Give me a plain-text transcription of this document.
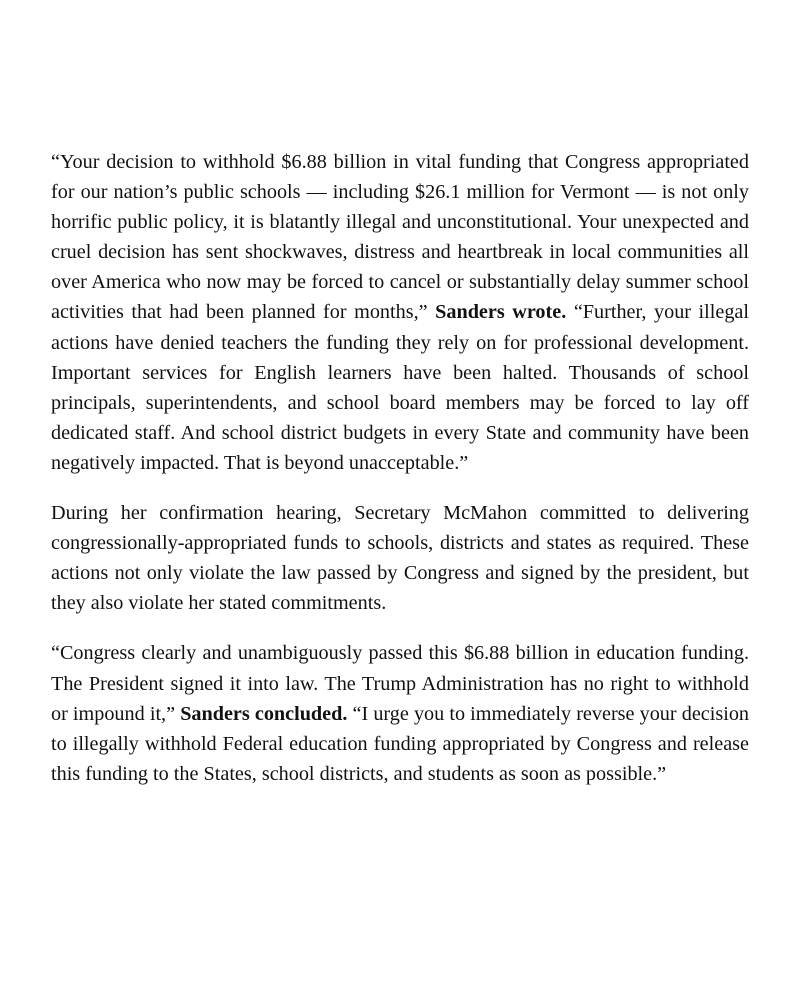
“Your decision to withhold $6.88 billion in vital funding that Congress appropriated for our nation’s public schools — including $26.1 million for Vermont — is not only horrific public policy, it is blatantly illegal and unconstitutional. Your unexpected and cruel decision has sent shockwaves, distress and heartbreak in local communities all over America who now may be forced to cancel or substantially delay summer school activities that had been planned for months,” Sanders wrote. “Further, your illegal actions have denied teachers the funding they rely on for professional development. Important services for English learners have been halted. Thousands of school principals, superintendents, and school board members may be forced to lay off dedicated staff. And school district budgets in every State and community have been negatively impacted. That is beyond unacceptable.”

During her confirmation hearing, Secretary McMahon committed to delivering congressionally-appropriated funds to schools, districts and states as required. These actions not only violate the law passed by Congress and signed by the president, but they also violate her stated commitments.

“Congress clearly and unambiguously passed this $6.88 billion in education funding. The President signed it into law. The Trump Administration has no right to withhold or impound it,” Sanders concluded. “I urge you to immediately reverse your decision to illegally withhold Federal education funding appropriated by Congress and release this funding to the States, school districts, and students as soon as possible.”
